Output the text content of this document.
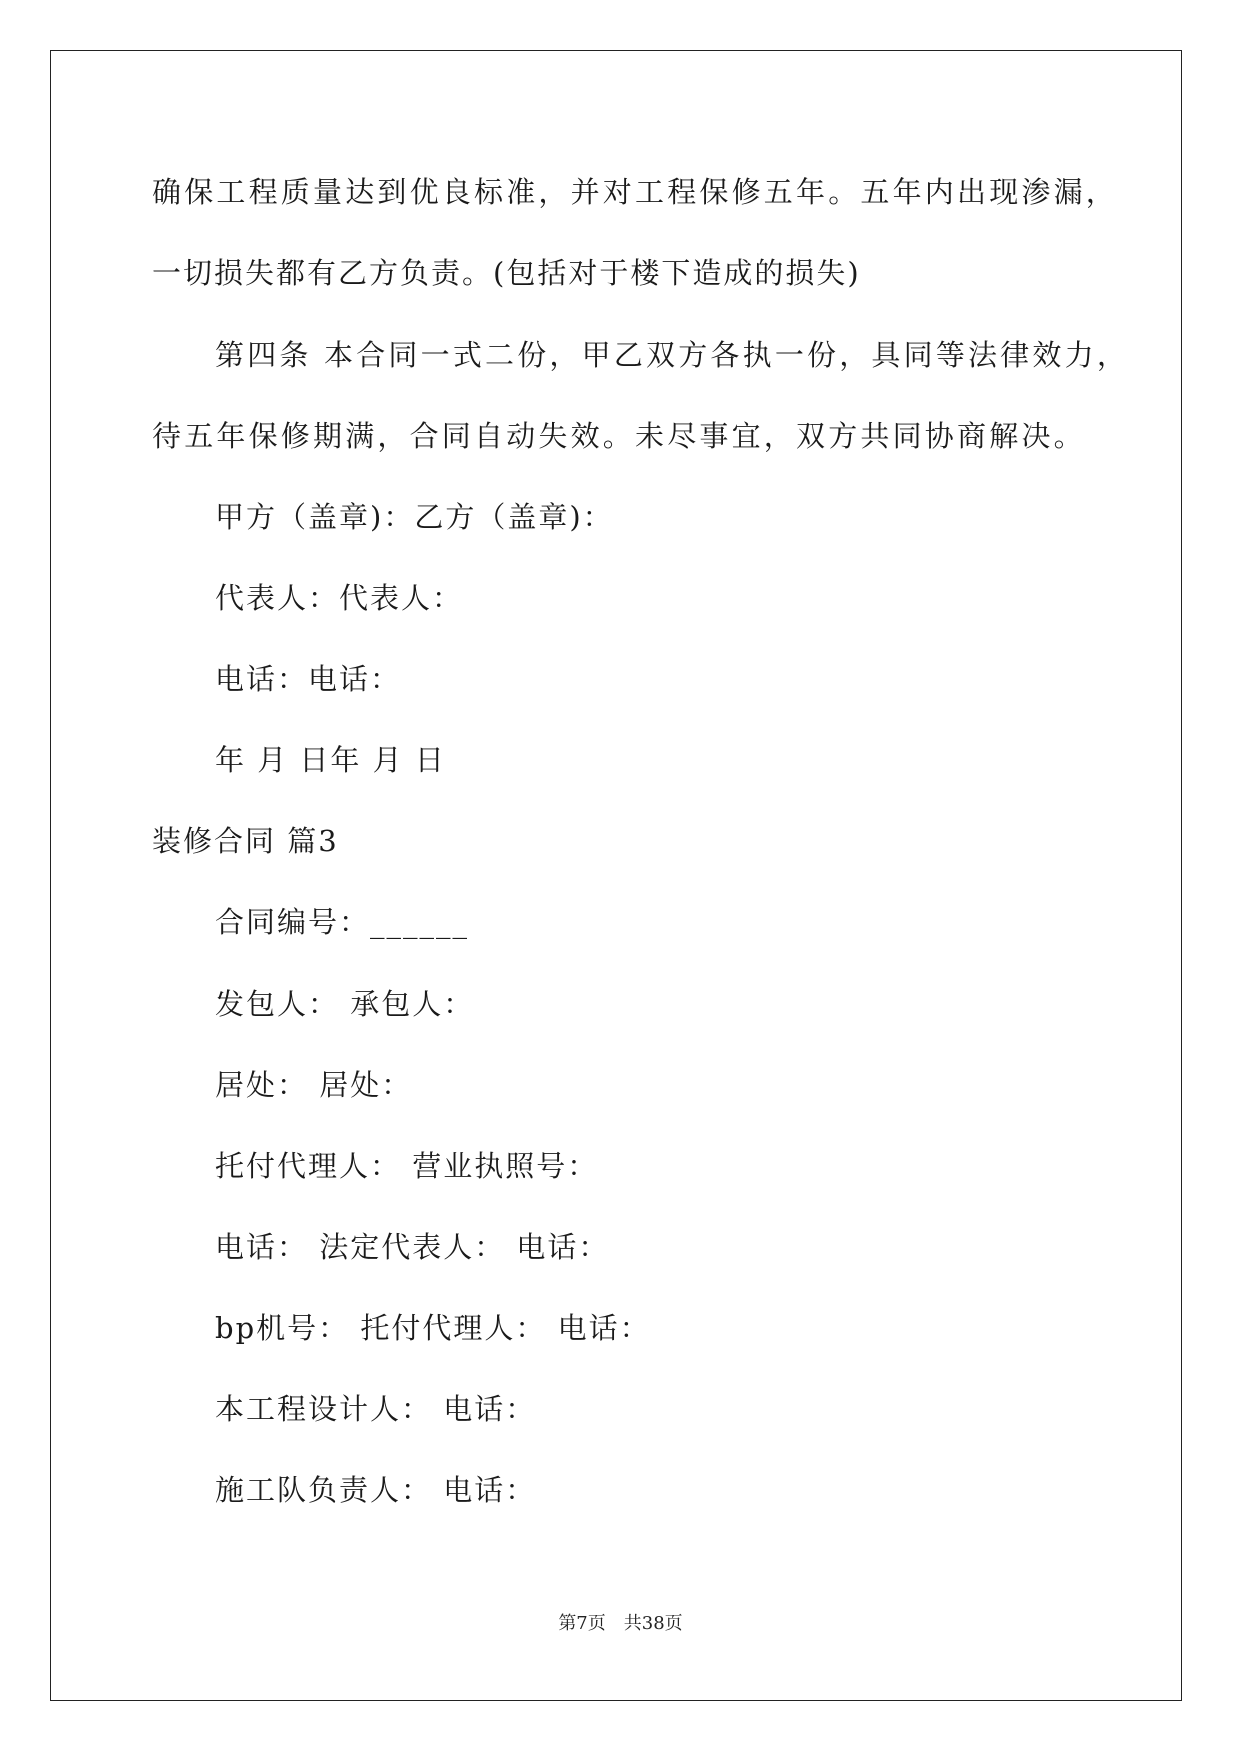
确保工程质量达到优良标准，并对工程保修五年。五年内出现渗漏，
一切损失都有乙方负责。(包括对于楼下造成的损失)
第四条 本合同一式二份，甲乙双方各执一份，具同等法律效力，
待五年保修期满，合同自动失效。未尽事宜，双方共同协商解决。
甲方（盖章)：乙方（盖章)：
代表人：代表人：
电话：电话：
年 月 日年 月 日
装修合同 篇3
合同编号：______
发包人： 承包人：
居处： 居处：
托付代理人： 营业执照号：
电话： 法定代表人： 电话：
bp机号： 托付代理人： 电话：
本工程设计人： 电话：
施工队负责人： 电话：
第7页　共38页
